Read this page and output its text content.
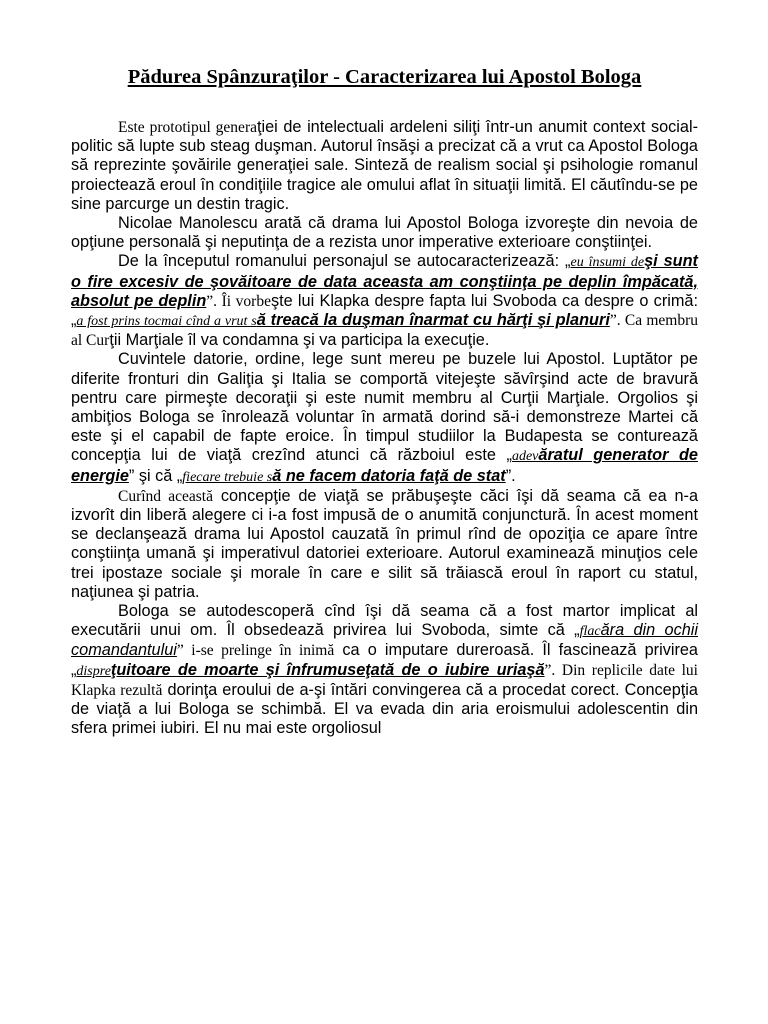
Pădurea Spânzuraţilor - Caracterizarea lui Apostol Bologa

Este prototipul generaţiei de intelectuali ardeleni siliţi într-un anumit context social-politic să lupte sub steag duşman. Autorul însăşi a precizat că a vrut ca Apostol Bologa să reprezinte şovăirile generaţiei sale. Sinteză de realism social şi psihologie romanul proiectează eroul în condiţiile tragice ale omului aflat în situaţii limită. El căutîndu-se pe sine parcurge un destin tragic.

Nicolae Manolescu arată că drama lui Apostol Bologa izvoreşte din nevoia de opţiune personală şi neputinţa de a rezista unor imperative exterioare conştiinţei.

De la începutul romanului personajul se autocaracterizează: „eu însumi deşi sunt o fire excesiv de şovăitoare de data aceasta am conştiinţa pe deplin împăcată, absolut pe deplin”. Îi vorbeşte lui Klapka despre fapta lui Svoboda ca despre o crimă: „a fost prins tocmai cînd a vrut să treacă la duşman înarmat cu hărţi şi planuri”. Ca membru al Curţii Marţiale îl va condamna şi va participa la execuţie.

Cuvintele datorie, ordine, lege sunt mereu pe buzele lui Apostol. Luptător pe diferite fronturi din Galiţia şi Italia se comportă vitejeşte săvîrşind acte de bravură pentru care pirmeşte decoraţii şi este numit membru al Curţii Marţiale. Orgolios şi ambiţios Bologa se înrolează voluntar în armată dorind să-i demonstreze Martei că este şi el capabil de fapte eroice. În timpul studiilor la Budapesta se conturează concepţia lui de viaţă crezînd atunci că războiul este „adevăratul generator de energie” şi că „fiecare trebuie să ne facem datoria faţă de stat”.

Curînd această concepţie de viaţă se prăbuşeşte căci îşi dă seama că ea n-a izvorît din liberă alegere ci i-a fost impusă de o anumită conjunctură. În acest moment se declanşează drama lui Apostol cauzată în primul rînd de opoziţia ce apare între conştiinţa umană şi imperativul datoriei exterioare. Autorul examinează minuţios cele trei ipostaze sociale şi morale în care e silit să trăiască eroul în raport cu statul, naţiunea şi patria.

Bologa se autodescoperă cînd îşi dă seama că a fost martor implicat al executării unui om. Îl obsedează privirea lui Svoboda, simte că „flacăra din ochii comandantului” i-se prelinge în inimă ca o imputare dureroasă. Îl fascinează privirea „dispreţuitoare de moarte şi înfrumuseţată de o iubire uriaşă”. Din replicile date lui Klapka rezultă dorinţa eroului de a-şi întări convingerea că a procedat corect. Concepţia de viaţă a lui Bologa se schimbă. El va evada din aria eroismului adolescentin din sfera primei iubiri. El nu mai este orgoliosul
